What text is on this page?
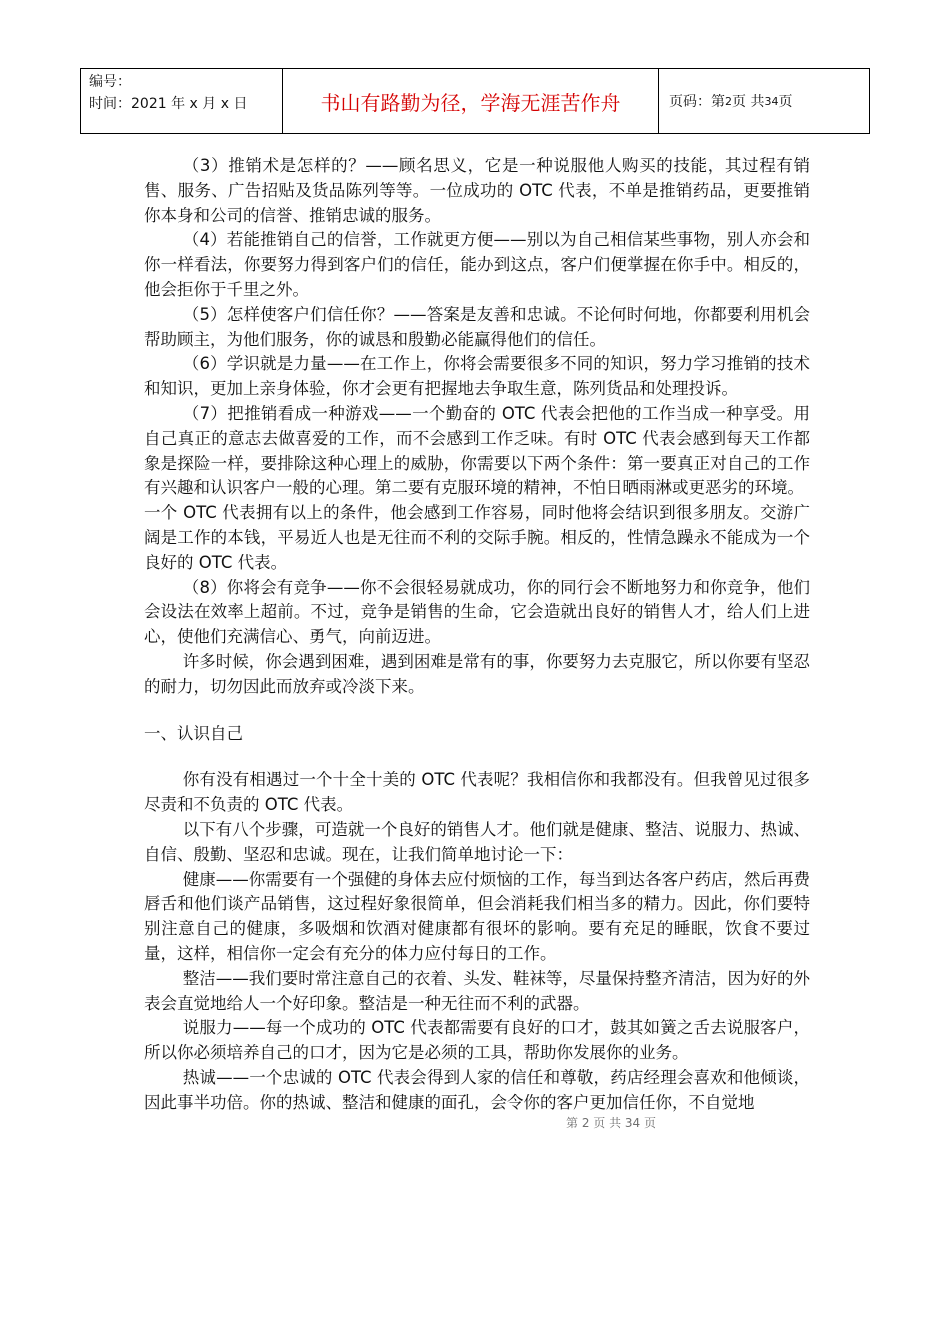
编号：
时间：2021 年 x 月 x 日	书山有路勤为径，学海无涯苦作舟	页码：第 2 页 共 34 页

（3）推销术是怎样的？——顾名思义，它是一种说服他人购买的技能，其过程有销售、服务、广告招贴及货品陈列等等。一位成功的 OTC 代表，不单是推销药品，更要推销你本身和公司的信誉、推销忠诚的服务。

（4）若能推销自己的信誉，工作就更方便——别以为自己相信某些事物，别人亦会和你一样看法，你要努力得到客户们的信任，能办到这点，客户们便掌握在你手中。相反的，他会拒你于千里之外。

（5）怎样使客户们信任你？——答案是友善和忠诚。不论何时何地，你都要利用机会帮助顾主，为他们服务，你的诚恳和殷勤必能赢得他们的信任。

（6）学识就是力量——在工作上，你将会需要很多不同的知识，努力学习推销的技术和知识，更加上亲身体验，你才会更有把握地去争取生意，陈列货品和处理投诉。

（7）把推销看成一种游戏——一个勤奋的 OTC 代表会把他的工作当成一种享受。用自己真正的意志去做喜爱的工作，而不会感到工作乏味。有时 OTC 代表会感到每天工作都象是探险一样，要排除这种心理上的威胁，你需要以下两个条件：第一要真正对自己的工作有兴趣和认识客户一般的心理。第二要有克服环境的精神，不怕日晒雨淋或更恶劣的环境。

一个 OTC 代表拥有以上的条件，他会感到工作容易，同时他将会结识到很多朋友。交游广阔是工作的本钱，平易近人也是无往而不利的交际手腕。相反的，性情急躁永不能成为一个良好的 OTC 代表。

（8）你将会有竞争——你不会很轻易就成功，你的同行会不断地努力和你竞争，他们会设法在效率上超前。不过，竞争是销售的生命，它会造就出良好的销售人才，给人们上进心，使他们充满信心、勇气，向前迈进。

许多时候，你会遇到困难，遇到困难是常有的事，你要努力去克服它，所以你要有坚忍的耐力，切勿因此而放弃或冷淡下来。

一、认识自己

你有没有相遇过一个十全十美的 OTC 代表呢？我相信你和我都没有。但我曾见过很多尽责和不负责的 OTC 代表。

以下有八个步骤，可造就一个良好的销售人才。他们就是健康、整洁、说服力、热诚、自信、殷勤、坚忍和忠诚。现在，让我们简单地讨论一下：

健康——你需要有一个强健的身体去应付烦恼的工作，每当到达各客户药店，然后再费唇舌和他们谈产品销售，这过程好象很简单，但会消耗我们相当多的精力。因此，你们要特别注意自己的健康，多吸烟和饮酒对健康都有很坏的影响。要有充足的睡眠，饮食不要过量，这样，相信你一定会有充分的体力应付每日的工作。

整洁——我们要时常注意自己的衣着、头发、鞋袜等，尽量保持整齐清洁，因为好的外表会直觉地给人一个好印象。整洁是一种无往而不利的武器。

说服力——每一个成功的 OTC 代表都需要有良好的口才，鼓其如簧之舌去说服客户，所以你必须培养自己的口才，因为它是必须的工具，帮助你发展你的业务。

热诚——一个忠诚的 OTC 代表会得到人家的信任和尊敬，药店经理会喜欢和他倾谈，因此事半功倍。你的热诚、整洁和健康的面孔，会令你的客户更加信任你，不自觉地

第 2 页 共 34 页
